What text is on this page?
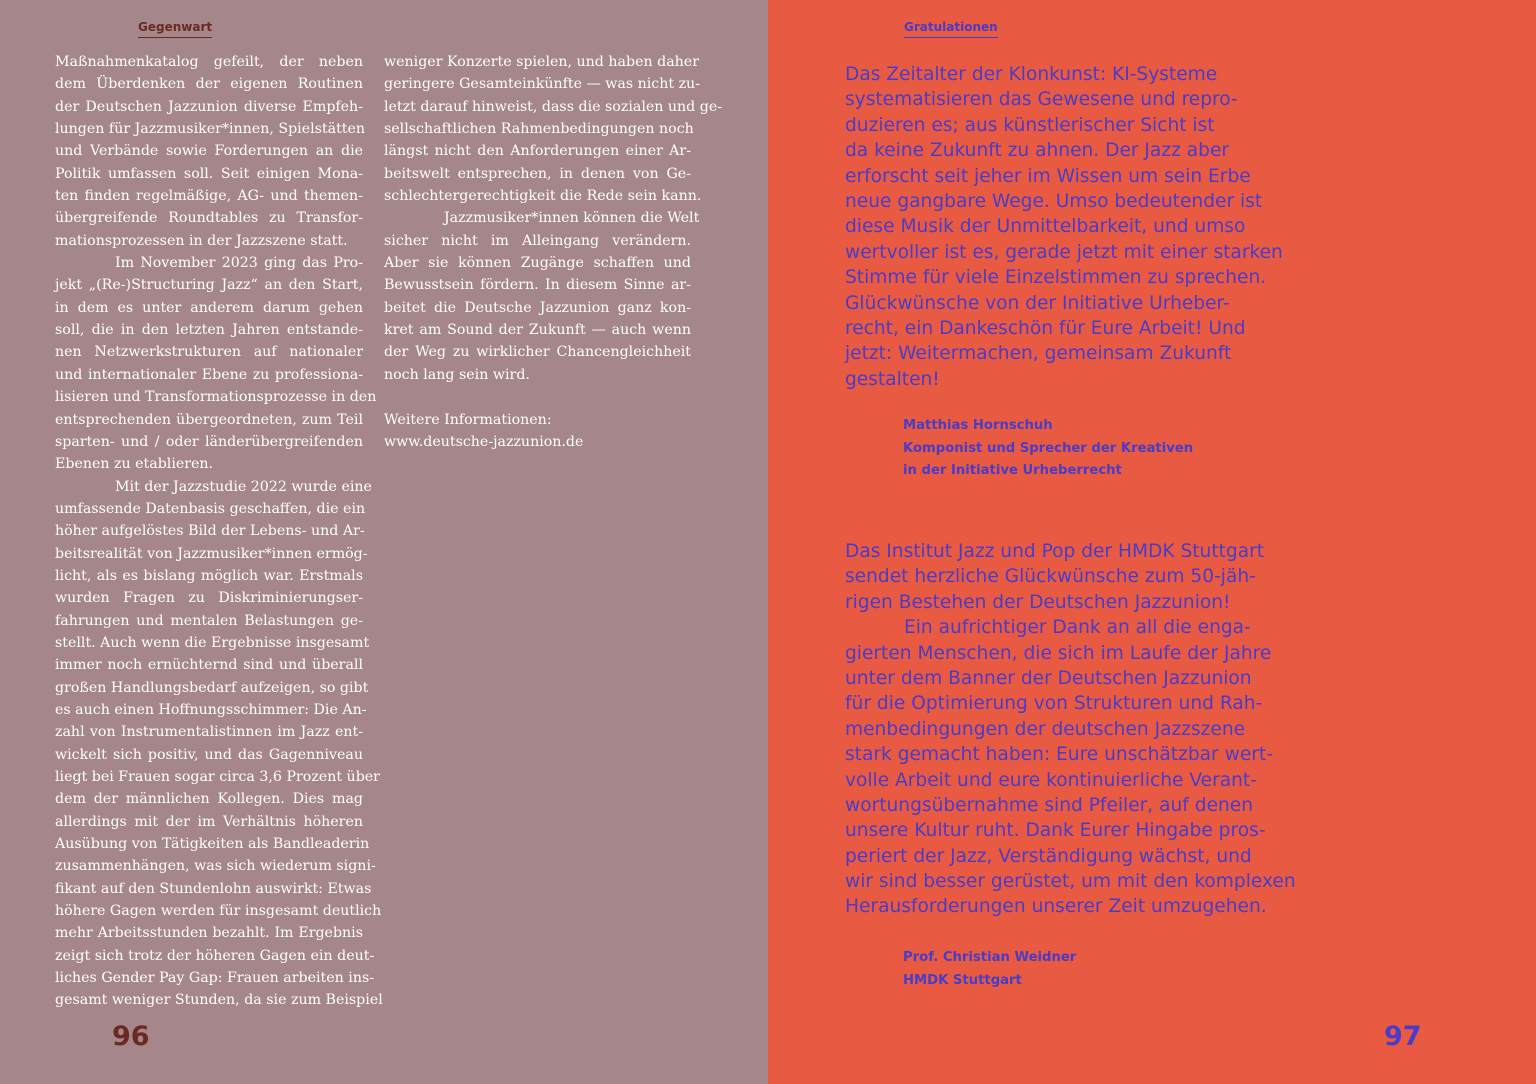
Gegenwart
Maßnahmenkatalog gefeilt, der neben
dem Überdenken der eigenen Routinen
der Deutschen Jazzunion diverse Empfeh-
lungen für Jazzmusiker*innen, Spielstätten
und Verbände sowie Forderungen an die
Politik umfassen soll. Seit einigen Mona-
ten finden regelmäßige, AG- und themen-
übergreifende Roundtables zu Transfor-
mationsprozessen in der Jazzszene statt.
Im November 2023 ging das Pro-
jekt „(Re-)Structuring Jazz“ an den Start,
in dem es unter anderem darum gehen
soll, die in den letzten Jahren entstande-
nen Netzwerkstrukturen auf nationaler
und internationaler Ebene zu professiona-
lisieren und Transformationsprozesse in den
entsprechenden übergeordneten, zum Teil
sparten- und / oder länderübergreifenden
Ebenen zu etablieren.
Mit der Jazzstudie 2022 wurde eine
umfassende Datenbasis geschaffen, die ein
höher aufgelöstes Bild der Lebens- und Ar-
beitsrealität von Jazzmusiker*innen ermög-
licht, als es bislang möglich war. Erstmals
wurden Fragen zu Diskriminierungser-
fahrungen und mentalen Belastungen ge-
stellt. Auch wenn die Ergebnisse insgesamt
immer noch ernüchternd sind und überall
großen Handlungsbedarf aufzeigen, so gibt
es auch einen Hoffnungsschimmer: Die An-
zahl von Instrumentalistinnen im Jazz ent-
wickelt sich positiv, und das Gagenniveau
liegt bei Frauen sogar circa 3,6 Prozent über
dem der männlichen Kollegen. Dies mag
allerdings mit der im Verhältnis höheren
Ausübung von Tätigkeiten als Bandleaderin
zusammenhängen, was sich wiederum signi-
fikant auf den Stundenlohn auswirkt: Etwas
höhere Gagen werden für insgesamt deutlich
mehr Arbeitsstunden bezahlt. Im Ergebnis
zeigt sich trotz der höheren Gagen ein deut-
liches Gender Pay Gap: Frauen arbeiten ins-
gesamt weniger Stunden, da sie zum Beispiel
weniger Konzerte spielen, und haben daher
geringere Gesamteinkünfte — was nicht zu-
letzt darauf hinweist, dass die sozialen und ge-
sellschaftlichen Rahmenbedingungen noch
längst nicht den Anforderungen einer Ar-
beitswelt entsprechen, in denen von Ge-
schlechtergerechtigkeit die Rede sein kann.
Jazzmusiker*innen können die Welt
sicher nicht im Alleingang verändern.
Aber sie können Zugänge schaffen und
Bewusstsein fördern. In diesem Sinne ar-
beitet die Deutsche Jazzunion ganz kon-
kret am Sound der Zukunft — auch wenn
der Weg zu wirklicher Chancengleichheit
noch lang sein wird.
Weitere Informationen:
www.deutsche-jazzunion.de
96
Gratulationen
Das Zeitalter der Klonkunst: KI-Systeme
systematisieren das Gewesene und repro-
duzieren es; aus künstlerischer Sicht ist
da keine Zukunft zu ahnen. Der Jazz aber
erforscht seit jeher im Wissen um sein Erbe
neue gangbare Wege. Umso bedeutender ist
diese Musik der Unmittelbarkeit, und umso
wertvoller ist es, gerade jetzt mit einer starken
Stimme für viele Einzelstimmen zu sprechen.
Glückwünsche von der Initiative Urheber-
recht, ein Dankeschön für Eure Arbeit! Und
jetzt: Weitermachen, gemeinsam Zukunft
gestalten!
Matthias Hornschuh
Komponist und Sprecher der Kreativen
in der Initiative Urheberrecht
Das Institut Jazz und Pop der HMDK Stuttgart
sendet herzliche Glückwünsche zum 50-jäh-
rigen Bestehen der Deutschen Jazzunion!
Ein aufrichtiger Dank an all die enga-
gierten Menschen, die sich im Laufe der Jahre
unter dem Banner der Deutschen Jazzunion
für die Optimierung von Strukturen und Rah-
menbedingungen der deutschen Jazzszene
stark gemacht haben: Eure unschätzbar wert-
volle Arbeit und eure kontinuierliche Verant-
wortungsübernahme sind Pfeiler, auf denen
unsere Kultur ruht. Dank Eurer Hingabe pros-
periert der Jazz, Verständigung wächst, und
wir sind besser gerüstet, um mit den komplexen
Herausforderungen unserer Zeit umzugehen.
Prof. Christian Weidner
HMDK Stuttgart
97
